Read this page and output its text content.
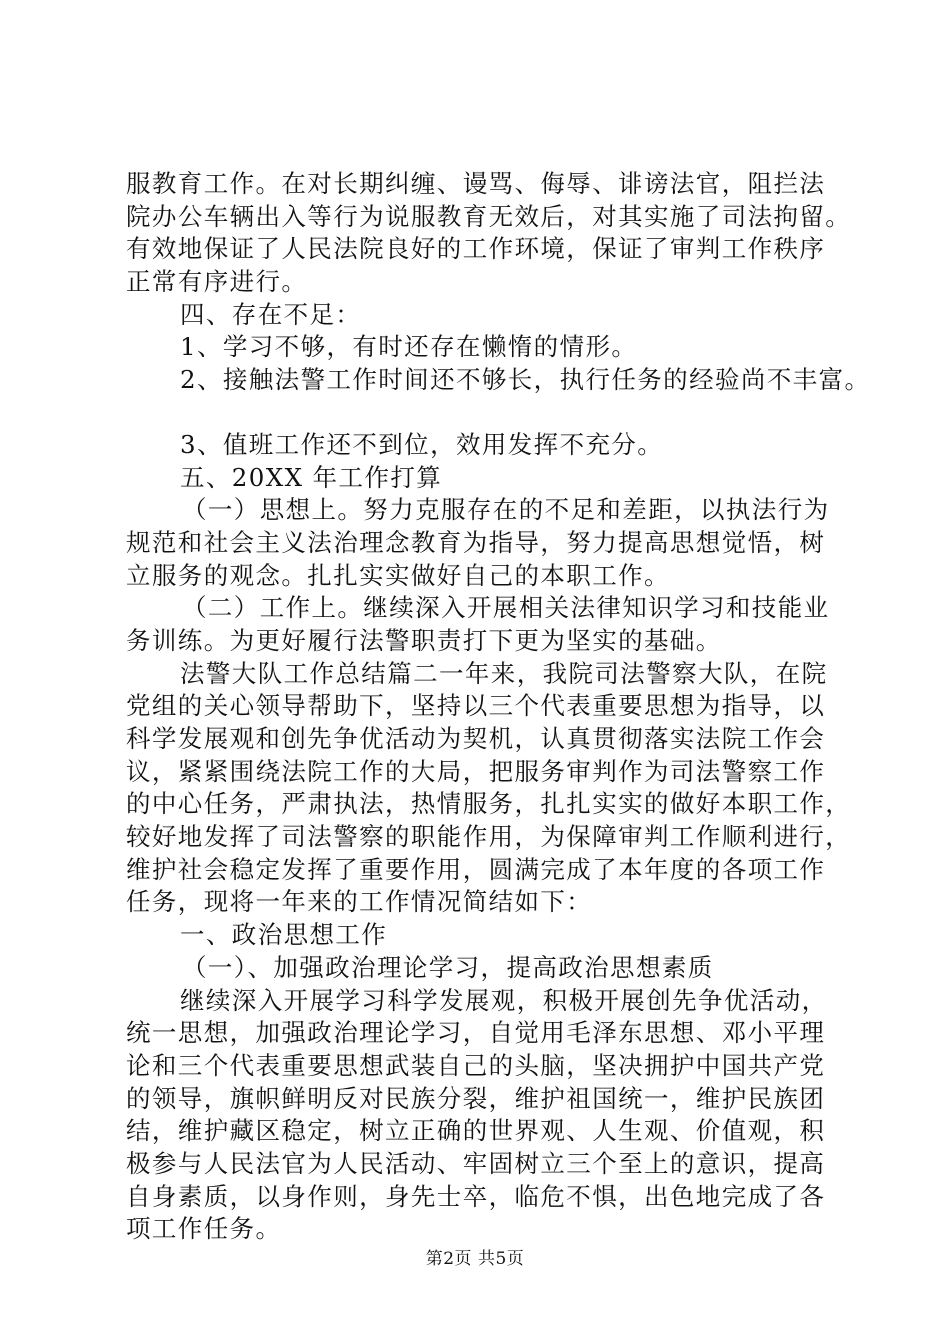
服教育工作。在对长期纠缠、谩骂、侮辱、诽谤法官，阻拦法
院办公车辆出入等行为说服教育无效后，对其实施了司法拘留。
有效地保证了人民法院良好的工作环境，保证了审判工作秩序
正常有序进行。
四、存在不足：
1、学习不够，有时还存在懒惰的情形。
2、接触法警工作时间还不够长，执行任务的经验尚不丰富。
3、值班工作还不到位，效用发挥不充分。
五、20XX 年工作打算
（一）思想上。努力克服存在的不足和差距，以执法行为
规范和社会主义法治理念教育为指导，努力提高思想觉悟，树
立服务的观念。扎扎实实做好自己的本职工作。
（二）工作上。继续深入开展相关法律知识学习和技能业
务训练。为更好履行法警职责打下更为坚实的基础。
法警大队工作总结篇二一年来，我院司法警察大队，在院
党组的关心领导帮助下，坚持以三个代表重要思想为指导，以
科学发展观和创先争优活动为契机，认真贯彻落实法院工作会
议，紧紧围绕法院工作的大局，把服务审判作为司法警察工作
的中心任务，严肃执法，热情服务，扎扎实实的做好本职工作，
较好地发挥了司法警察的职能作用，为保障审判工作顺利进行，
维护社会稳定发挥了重要作用，圆满完成了本年度的各项工作
任务，现将一年来的工作情况简结如下：
一、政治思想工作
（一）、加强政治理论学习，提高政治思想素质
继续深入开展学习科学发展观，积极开展创先争优活动，
统一思想，加强政治理论学习，自觉用毛泽东思想、邓小平理
论和三个代表重要思想武装自己的头脑，坚决拥护中国共产党
的领导，旗帜鲜明反对民族分裂，维护祖国统一，维护民族团
结，维护藏区稳定，树立正确的世界观、人生观、价值观，积
极参与人民法官为人民活动、牢固树立三个至上的意识，提高
自身素质，以身作则，身先士卒，临危不惧，出色地完成了各
项工作任务。
第2页 共5页
